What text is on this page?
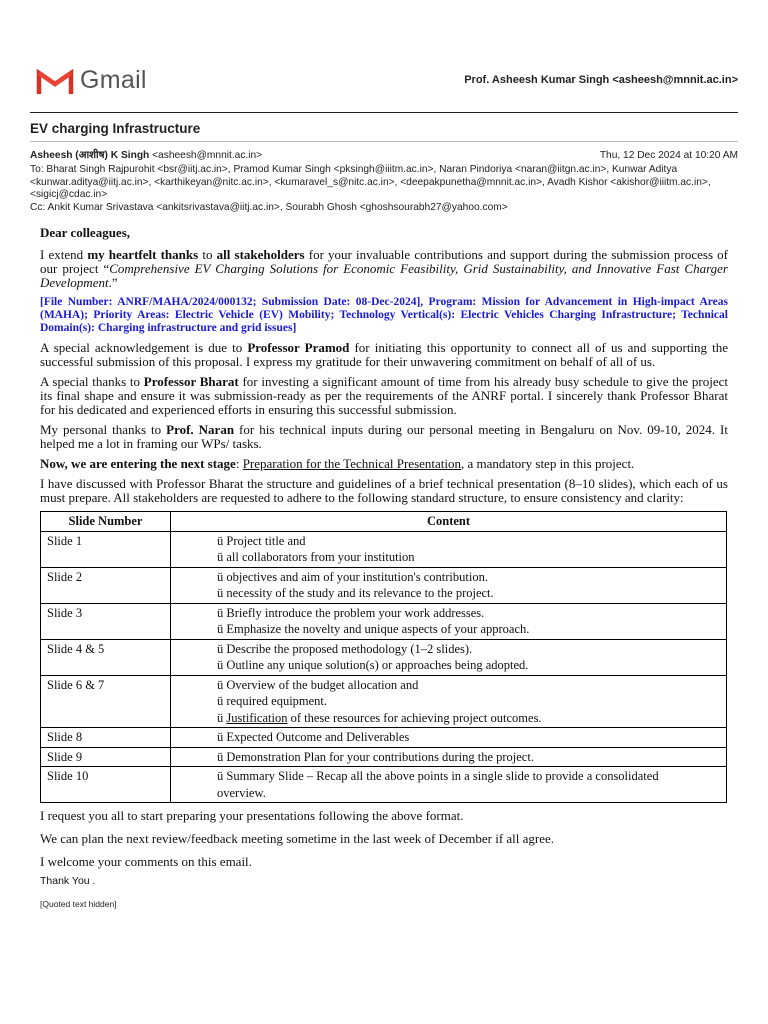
Gmail	Prof. Asheesh Kumar Singh <asheesh@mnnit.ac.in>
EV charging Infrastructure
Asheesh (आशीष) K Singh <asheesh@mnnit.ac.in>	Thu, 12 Dec 2024 at 10:20 AM
To: Bharat Singh Rajpurohit <bsr@iitj.ac.in>, Pramod Kumar Singh <pksingh@iiitm.ac.in>, Naran Pindoriya <naran@iitgn.ac.in>, Kunwar Aditya <kunwar.aditya@iitj.ac.in>, <karthikeyan@nitc.ac.in>, <kumaravel_s@nitc.ac.in>, <deepakpunetha@mnnit.ac.in>, Avadh Kishor <akishor@iiitm.ac.in>, <sigicj@cdac.in>
Cc: Ankit Kumar Srivastava <ankitsrivastava@iitj.ac.in>, Sourabh Ghosh <ghoshsourabh27@yahoo.com>

Dear colleagues,

I extend my heartfelt thanks to all stakeholders for your invaluable contributions and support during the submission process of our project “Comprehensive EV Charging Solutions for Economic Feasibility, Grid Sustainability, and Innovative Fast Charger Development.”

[File Number: ANRF/MAHA/2024/000132; Submission Date: 08-Dec-2024], Program: Mission for Advancement in High-impact Areas (MAHA); Priority Areas: Electric Vehicle (EV) Mobility; Technology Vertical(s): Electric Vehicles Charging Infrastructure; Technical Domain(s): Charging infrastructure and grid issues]

A special acknowledgement is due to Professor Pramod for initiating this opportunity to connect all of us and supporting the successful submission of this proposal. I express my gratitude for their unwavering commitment on behalf of all of us.

A special thanks to Professor Bharat for investing a significant amount of time from his already busy schedule to give the project its final shape and ensure it was submission-ready as per the requirements of the ANRF portal. I sincerely thank Professor Bharat for his dedicated and experienced efforts in ensuring this successful submission.

My personal thanks to Prof. Naran for his technical inputs during our personal meeting in Bengaluru on Nov. 09-10, 2024. It helped me a lot in framing our WPs/ tasks.

Now, we are entering the next stage: Preparation for the Technical Presentation, a mandatory step in this project.

I have discussed with Professor Bharat the structure and guidelines of a brief technical presentation (8–10 slides), which each of us must prepare. All stakeholders are requested to adhere to the following standard structure, to ensure consistency and clarity:

Slide Number	Content
Slide 1	ü Project title and
ü all collaborators from your institution

Slide 2	ü objectives and aim of your institution's contribution.
ü necessity of the study and its relevance to the project.

Slide 3	ü Briefly introduce the problem your work addresses.
ü Emphasize the novelty and unique aspects of your approach.

Slide 4 & 5	ü Describe the proposed methodology (1–2 slides).
ü Outline any unique solution(s) or approaches being adopted.

Slide 6 & 7	ü Overview of the budget allocation and
ü required equipment.
ü Justification of these resources for achieving project outcomes.

Slide 8	ü Expected Outcome and Deliverables

Slide 9	ü Demonstration Plan for your contributions during the project.

Slide 10	ü Summary Slide – Recap all the above points in a single slide to provide a consolidated
overview.

I request you all to start preparing your presentations following the above format.

We can plan the next review/feedback meeting sometime in the last week of December if all agree.

I welcome your comments on this email.

Thank You .
[Quoted text hidden]
